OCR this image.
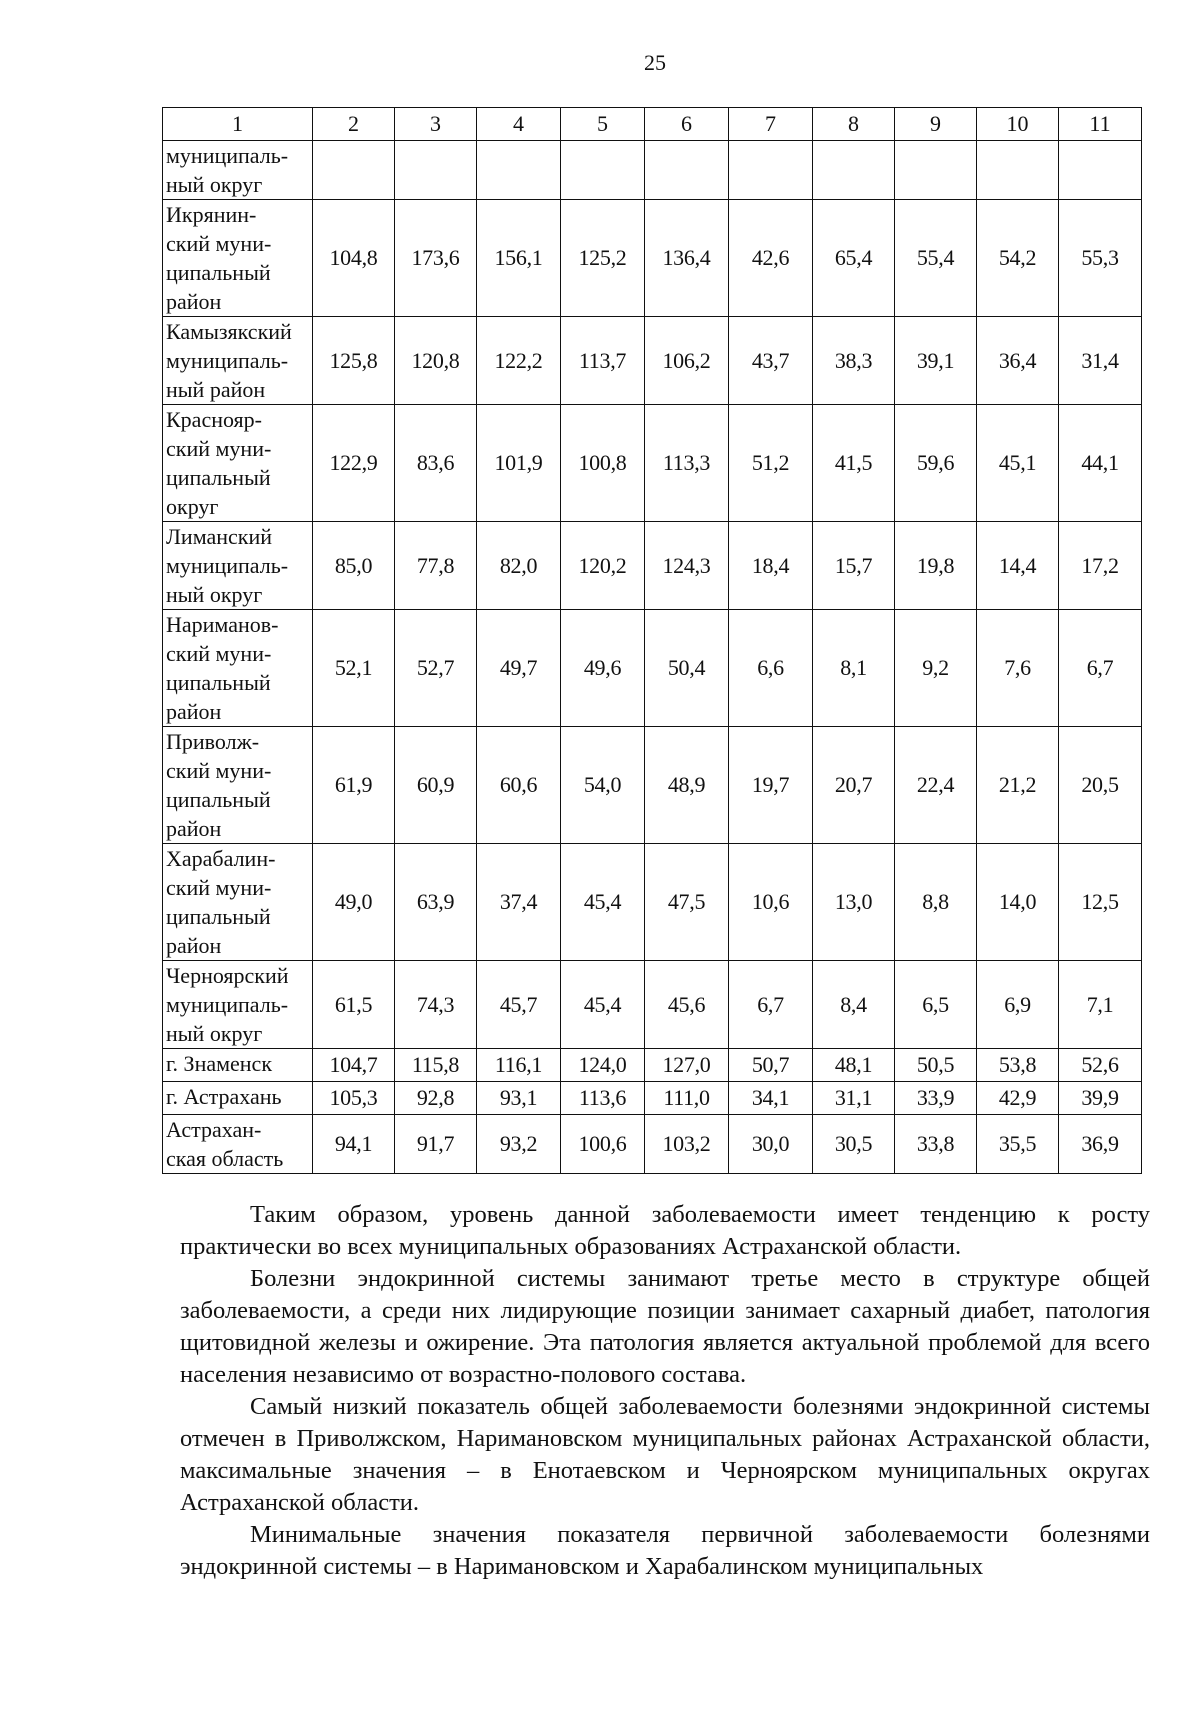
25
1	2	3	4	5	6	7	8	9	10	11

муниципаль-
ный округ										

Икрянин-
ский муни-
ципальный
район	104,8	173,6	156,1	125,2	136,4	42,6	65,4	55,4	54,2	55,3

Камызякский
муниципаль-
ный район	125,8	120,8	122,2	113,7	106,2	43,7	38,3	39,1	36,4	31,4

Краснояр-
ский муни-
ципальный
округ	122,9	83,6	101,9	100,8	113,3	51,2	41,5	59,6	45,1	44,1

Лиманский
муниципаль-
ный округ	85,0	77,8	82,0	120,2	124,3	18,4	15,7	19,8	14,4	17,2

Нариманов-
ский муни-
ципальный
район	52,1	52,7	49,7	49,6	50,4	6,6	8,1	9,2	7,6	6,7

Приволж-
ский муни-
ципальный
район	61,9	60,9	60,6	54,0	48,9	19,7	20,7	22,4	21,2	20,5

Харабалин-
ский муни-
ципальный
район	49,0	63,9	37,4	45,4	47,5	10,6	13,0	8,8	14,0	12,5

Черноярский
муниципаль-
ный округ	61,5	74,3	45,7	45,4	45,6	6,7	8,4	6,5	6,9	7,1

г. Знаменск	104,7	115,8	116,1	124,0	127,0	50,7	48,1	50,5	53,8	52,6

г. Астрахань	105,3	92,8	93,1	113,6	111,0	34,1	31,1	33,9	42,9	39,9

Астрахан-
ская область	94,1	91,7	93,2	100,6	103,2	30,0	30,5	33,8	35,5	36,9

Таким образом, уровень данной заболеваемости имеет тенденцию к росту практически во всех муниципальных образованиях Астраханской области.

Болезни эндокринной системы занимают третье место в структуре общей заболеваемости, а среди них лидирующие позиции занимает сахарный диабет, патология щитовидной железы и ожирение. Эта патология является актуальной проблемой для всего населения независимо от возрастно-полового состава.

Самый низкий показатель общей заболеваемости болезнями эндокринной системы отмечен в Приволжском, Наримановском муниципальных районах Астраханской области, максимальные значения – в Енотаевском и Черноярском муниципальных округах Астраханской области.

Минимальные значения показателя первичной заболеваемости болезнями эндокринной системы – в Наримановском и Харабалинском муниципальных
